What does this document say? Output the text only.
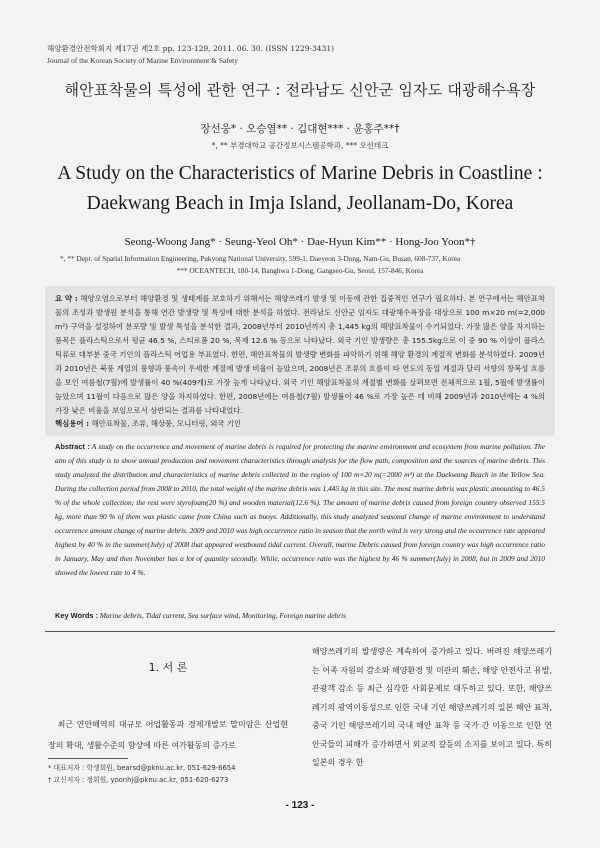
해양환경안전학회지 제17권 제2호 pp. 123-129, 2011. 06. 30. (ISSN 1229-3431)
Journal of the Korean Society of Marine Environment & Safety
해안표착물의 특성에 관한 연구 : 전라남도 신안군 임자도 대광해수욕장
장선웅* · 오승열** · 김대현*** · 윤홍주**†
*, ** 부경대학교 공간정보시스템공학과, *** 오션테크
A Study on the Characteristics of Marine Debris in Coastline :
Daekwang Beach in Imja Island, Jeollanam-Do, Korea
Seong-Woong Jang* · Seung-Yeol Oh* · Dae-Hyun Kim** · Hong-Joo Yoon*†
*, ** Dept. of Spatial Information Engineering, Pukyong National University, 599-1, Daeyeon 3-Dong, Nam-Gu, Busan, 608-737, Korea
*** OCEANTECH, 180-14, Banghwa 1-Dong, Gangseo-Gu, Seoul, 157-846, Korea
요 약 : 해양오염으로부터 해양환경 및 생태계를 보호하기 위해서는 해양쓰레기 발생 및 이동에 관한 집중적인 연구가 필요하다. 본 연구에서는 해안표착물의 조성과 발생원 분석을 통해 연간 발생량 및 특성에 대한 분석을 하였다. 전라남도 신안군 임자도 대광해수욕장을 대상으로 100 m×20 m(=2,000 m²) 구역을 설정하여 분포량 및 발생 특성을 분석한 결과, 2008년부터 2010년까지 총 1,445 kg의 해양표착물이 수거되었다. 가장 많은 양을 차지하는 품목은 플라스틱으로서 평균 46.5 %, 스티로폼 20 %, 목재 12.6 % 등으로 나타났다. 외국 기인 발생량은 총 155.5kg으로 이 중 90 % 이상이 플라스틱류로 대부분 중국 기인의 플라스틱 어업용 부표였다. 한편, 해안표착물의 발생량 변화를 파악하기 위해 해양 환경의 계절적 변화를 분석하였다. 2009년과 2010년은 북풍 계열의 풍향과 풍속이 우세한 계절에 발생 비율이 높았으며, 2008년은 조류의 흐름이 타 연도의 동일 계절과 달리 서향의 창복성 흐름을 보인 여름철(7월)에 발생률이 40 %(409개)로 가장 높게 나타났다. 외국 기인 해양표착물의 계절별 변화를 살펴보면 전체적으로 1월, 5월에 발생률이 높았으며 11월이 다음으로 많은 양을 차지하였다. 한편, 2008년에는 여름철(7월) 발생률이 46 %로 가장 높은 데 비해 2009년과 2010년에는 4 %의 가장 낮은 비율을 보임으로서 상반되는 결과를 나타내었다.
핵심용어 : 해안표착물, 조류, 해상풍, 모니터링, 외국 기인
Abstract : A study on the occurrence and movement of marine debris is required for protecting the marine environment and ecosystem from marine pollution. The aim of this study is to show annual production and movement characteristics through analysis for the flow path, composition and the sources of marine debris. This study analyzed the distribution and characteristics of marine debris collected in the region of 100 m×20 m(=2000 m²) at the Daekwang Beach in the Yellow Sea. During the collection period from 2008 to 2010, the total weight of the marine debris was 1,445 kg in this site. The most marine debris was plastic amounting to 46.5 % of the whole collection; the rest were styrofoam(20 %) and wooden material(12.6 %). The amount of marine debris caused from foreign country observed 155.5 kg, more than 90 % of them was plastic came from China such as buoys. Additionally, this study analyzed seasonal change of marine environment to understand occurrence amount change of marine debris. 2009 and 2010 was high occurrence ratio in season that the north wind is very strong and the occurrence rate appeared highest by 40 % in the summer(July) of 2008 that appeared westbound tidal current. Overall, marine Debris caused from foreign country was high occurrence ratio in January, May and then November has a lot of quantity secondly. While, occurrence ratio was the highest by 46 % summer(July) in 2008, but in 2009 and 2010 showed the lowest rate to 4 %.
Key Words : Marine debris, Tidal current, Sea surface wind, Monitoring, Foreign marine debris
1. 서 론
최근 연안해역의 대규모 어업활동과 경제개발로 말미암은 산업현장의 확대, 생활수준의 향상에 따른 여가활동의 증가로
해양쓰레기의 발생량은 계속하여 증가하고 있다. 버려진 해양쓰레기는 어족 자원의 감소와 해양환경 및 미관의 훼손, 해양 안전사고 유발, 관광객 감소 등 최근 심각한 사회문제로 대두하고 있다. 또한, 해양쓰레기의 광역이동성으로 인한 국내 기인 해양쓰레기의 일본 해안 표착, 중국 기인 해양쓰레기의 국내 해안 표착 등 국가 간 이동으로 인한 연안국들의 피해가 증가하면서 외교적 갈등의 소지를 보이고 있다. 특히 일본의 경우 한
* 대표저자 : 학생회원, bearsd@pknu.ac.kr, 051-629-6654
† 교신저자 : 정회원, yoonhj@pknu.ac.kr, 051-620-6273
- 123 -
